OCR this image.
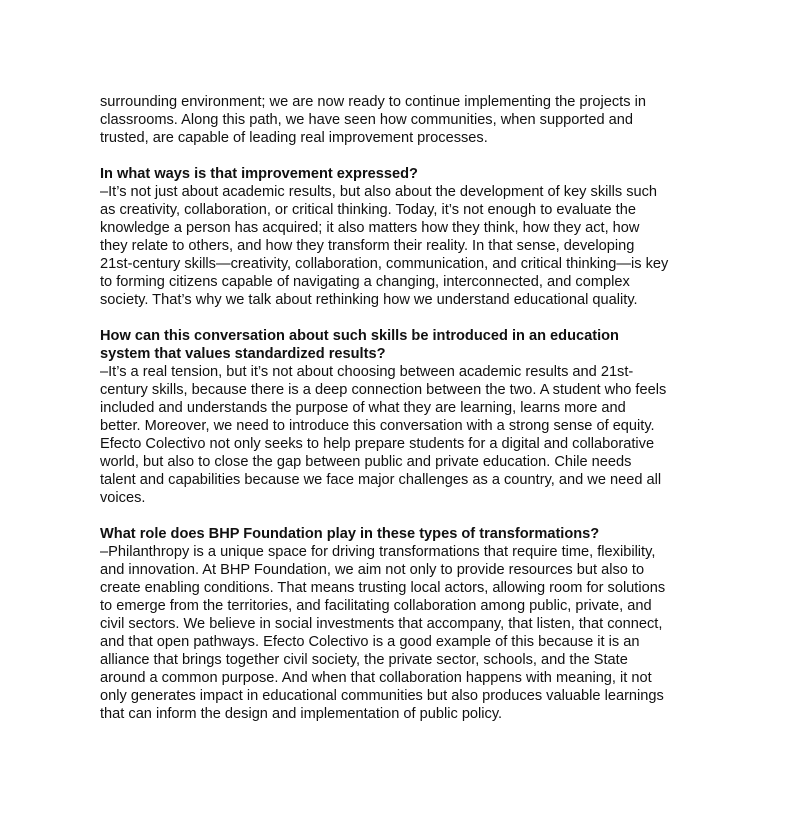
surrounding environment; we are now ready to continue implementing the projects in
classrooms. Along this path, we have seen how communities, when supported and
trusted, are capable of leading real improvement processes.

In what ways is that improvement expressed?

–It’s not just about academic results, but also about the development of key skills such
as creativity, collaboration, or critical thinking. Today, it’s not enough to evaluate the
knowledge a person has acquired; it also matters how they think, how they act, how
they relate to others, and how they transform their reality. In that sense, developing
21st-century skills—creativity, collaboration, communication, and critical thinking—is key
to forming citizens capable of navigating a changing, interconnected, and complex
society. That’s why we talk about rethinking how we understand educational quality.

How can this conversation about such skills be introduced in an education
system that values standardized results?

–It’s a real tension, but it’s not about choosing between academic results and 21st-
century skills, because there is a deep connection between the two. A student who feels
included and understands the purpose of what they are learning, learns more and
better. Moreover, we need to introduce this conversation with a strong sense of equity.
Efecto Colectivo not only seeks to help prepare students for a digital and collaborative
world, but also to close the gap between public and private education. Chile needs
talent and capabilities because we face major challenges as a country, and we need all
voices.

What role does BHP Foundation play in these types of transformations?

–Philanthropy is a unique space for driving transformations that require time, flexibility,
and innovation. At BHP Foundation, we aim not only to provide resources but also to
create enabling conditions. That means trusting local actors, allowing room for solutions
to emerge from the territories, and facilitating collaboration among public, private, and
civil sectors. We believe in social investments that accompany, that listen, that connect,
and that open pathways. Efecto Colectivo is a good example of this because it is an
alliance that brings together civil society, the private sector, schools, and the State
around a common purpose. And when that collaboration happens with meaning, it not
only generates impact in educational communities but also produces valuable learnings
that can inform the design and implementation of public policy.
